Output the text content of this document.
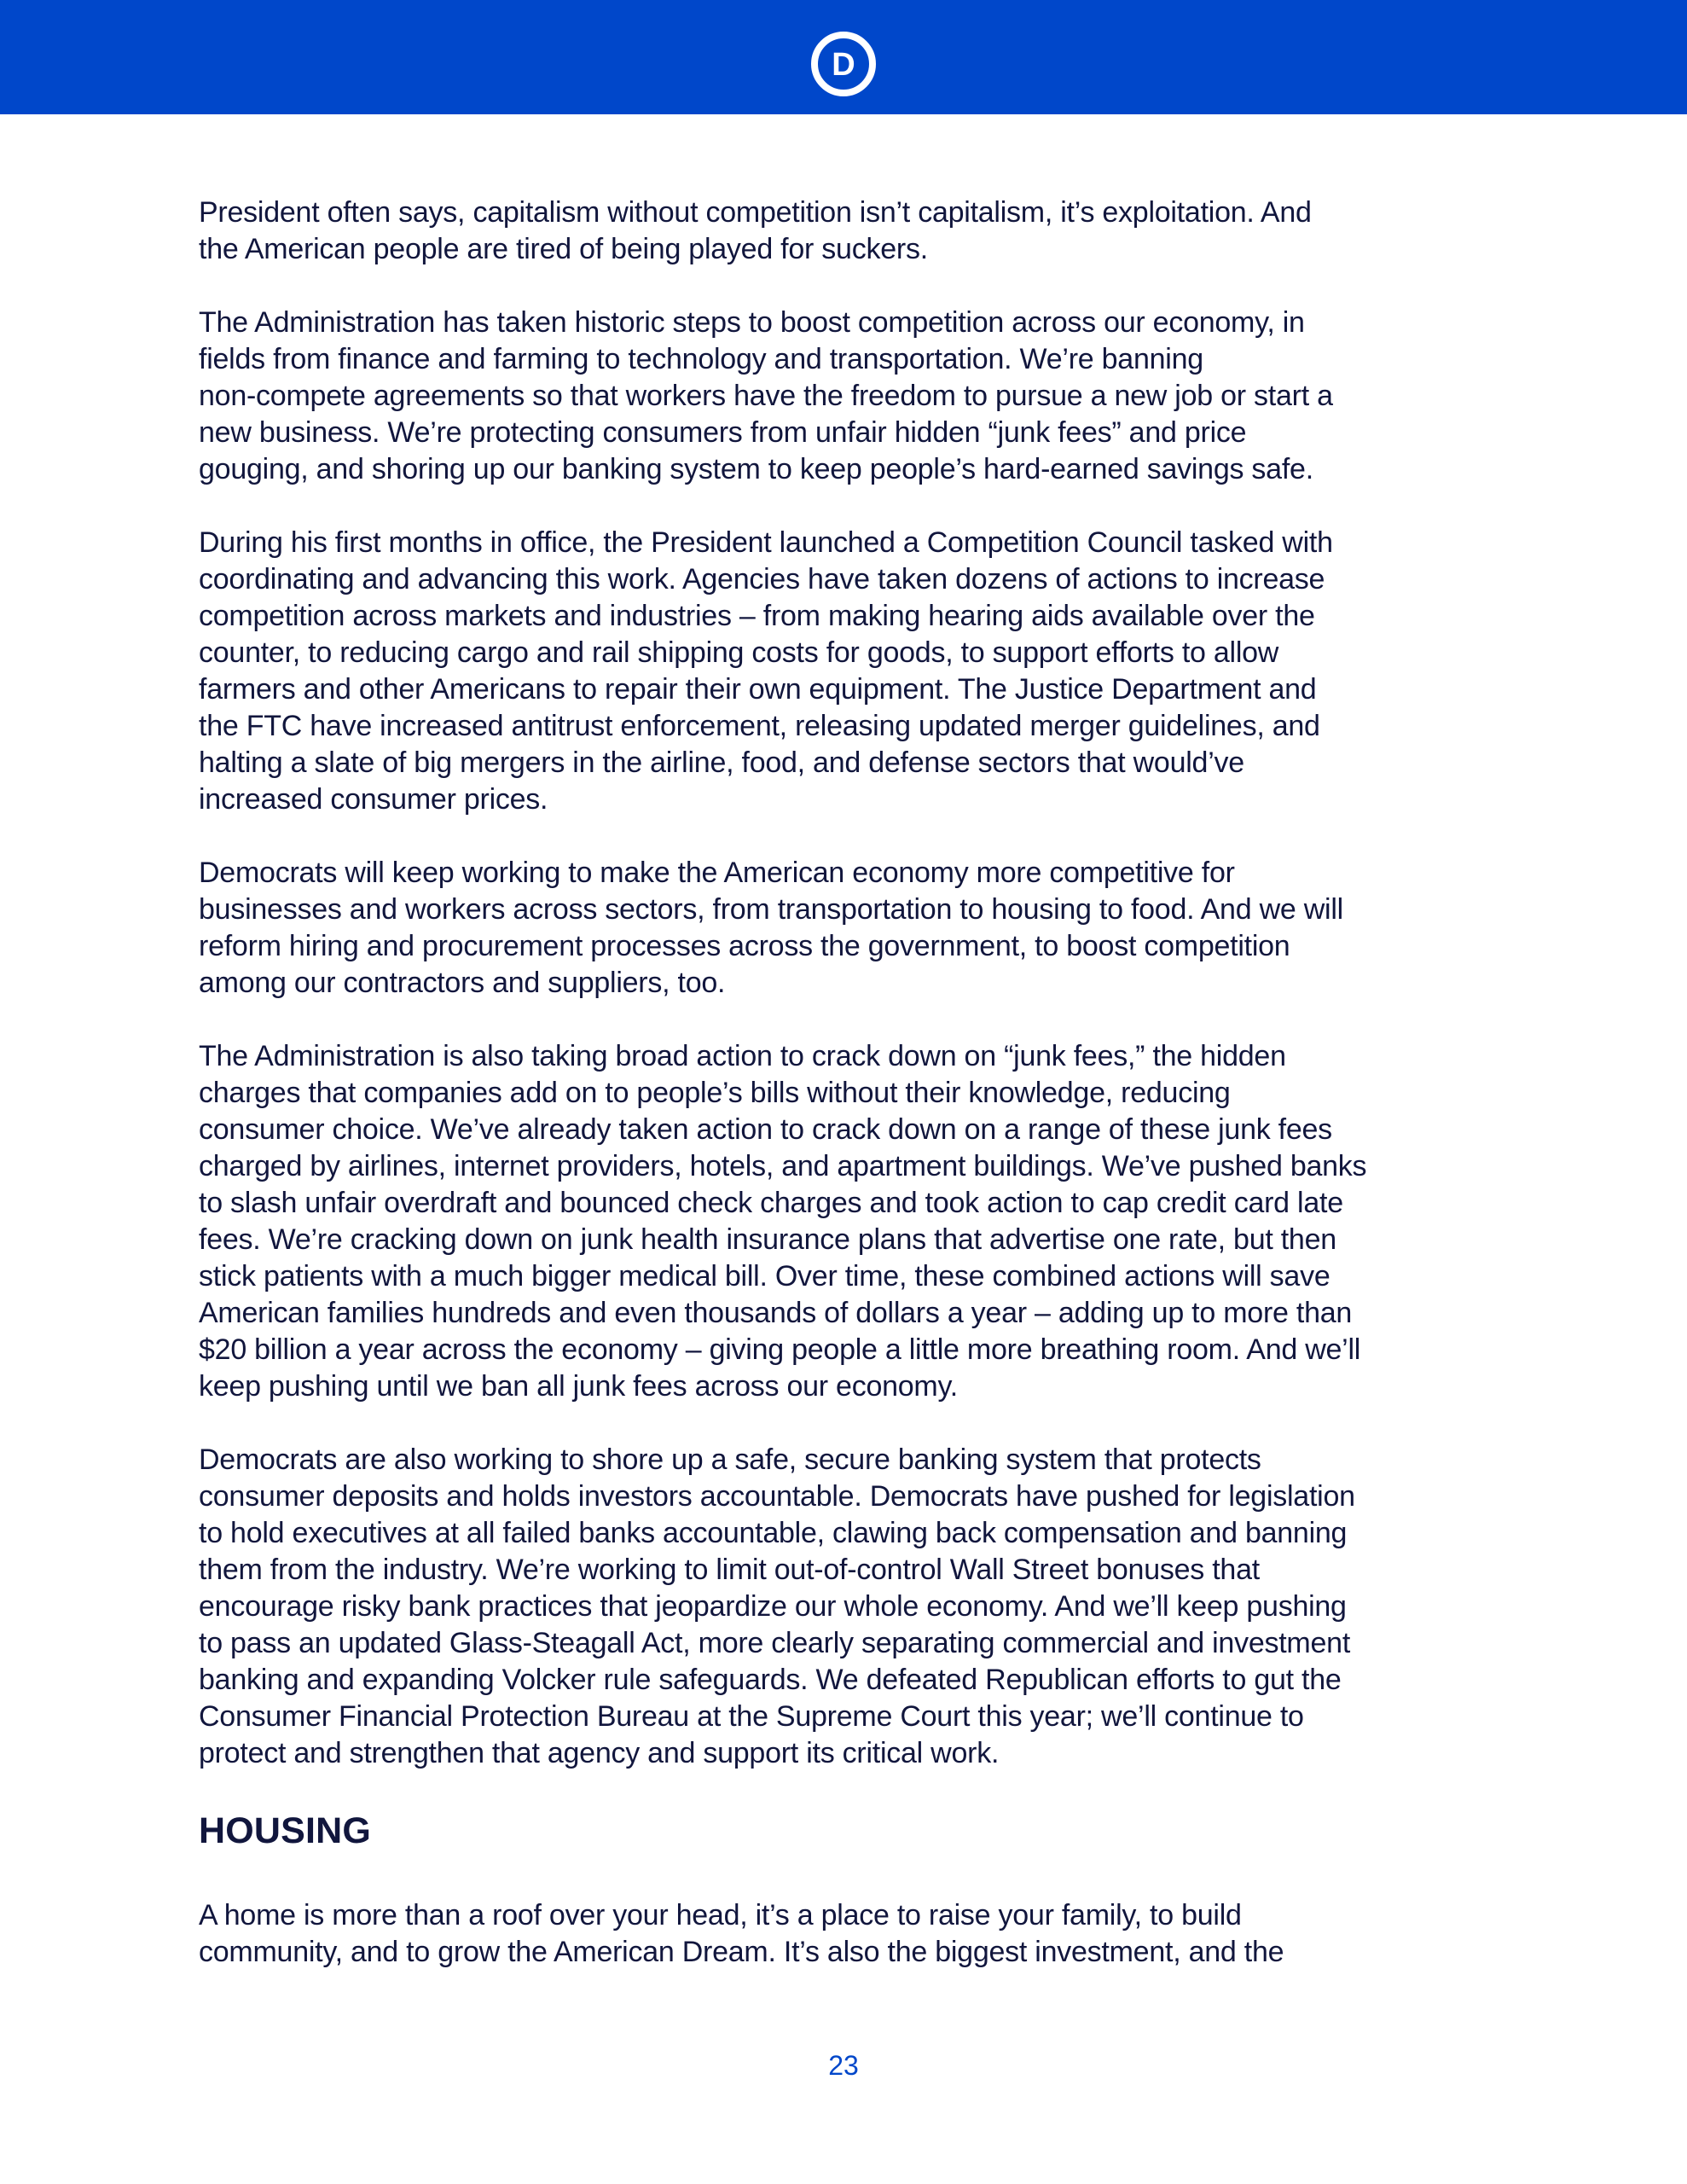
D

President often says, capitalism without competition isn’t capitalism, it’s exploitation. And
the American people are tired of being played for suckers.

The Administration has taken historic steps to boost competition across our economy, in
fields from finance and farming to technology and transportation. We’re banning
non-compete agreements so that workers have the freedom to pursue a new job or start a
new business. We’re protecting consumers from unfair hidden “junk fees” and price
gouging, and shoring up our banking system to keep people’s hard-earned savings safe.

During his first months in office, the President launched a Competition Council tasked with
coordinating and advancing this work. Agencies have taken dozens of actions to increase
competition across markets and industries – from making hearing aids available over the
counter, to reducing cargo and rail shipping costs for goods, to support efforts to allow
farmers and other Americans to repair their own equipment. The Justice Department and
the FTC have increased antitrust enforcement, releasing updated merger guidelines, and
halting a slate of big mergers in the airline, food, and defense sectors that would’ve
increased consumer prices.

Democrats will keep working to make the American economy more competitive for
businesses and workers across sectors, from transportation to housing to food. And we will
reform hiring and procurement processes across the government, to boost competition
among our contractors and suppliers, too.

The Administration is also taking broad action to crack down on “junk fees,” the hidden
charges that companies add on to people’s bills without their knowledge, reducing
consumer choice. We’ve already taken action to crack down on a range of these junk fees
charged by airlines, internet providers, hotels, and apartment buildings. We’ve pushed banks
to slash unfair overdraft and bounced check charges and took action to cap credit card late
fees. We’re cracking down on junk health insurance plans that advertise one rate, but then
stick patients with a much bigger medical bill. Over time, these combined actions will save
American families hundreds and even thousands of dollars a year – adding up to more than
$20 billion a year across the economy – giving people a little more breathing room. And we’ll
keep pushing until we ban all junk fees across our economy.

Democrats are also working to shore up a safe, secure banking system that protects
consumer deposits and holds investors accountable. Democrats have pushed for legislation
to hold executives at all failed banks accountable, clawing back compensation and banning
them from the industry. We’re working to limit out-of-control Wall Street bonuses that
encourage risky bank practices that jeopardize our whole economy. And we’ll keep pushing
to pass an updated Glass-Steagall Act, more clearly separating commercial and investment
banking and expanding Volcker rule safeguards. We defeated Republican efforts to gut the
Consumer Financial Protection Bureau at the Supreme Court this year; we’ll continue to
protect and strengthen that agency and support its critical work.

HOUSING

A home is more than a roof over your head, it’s a place to raise your family, to build
community, and to grow the American Dream. It’s also the biggest investment, and the

23
